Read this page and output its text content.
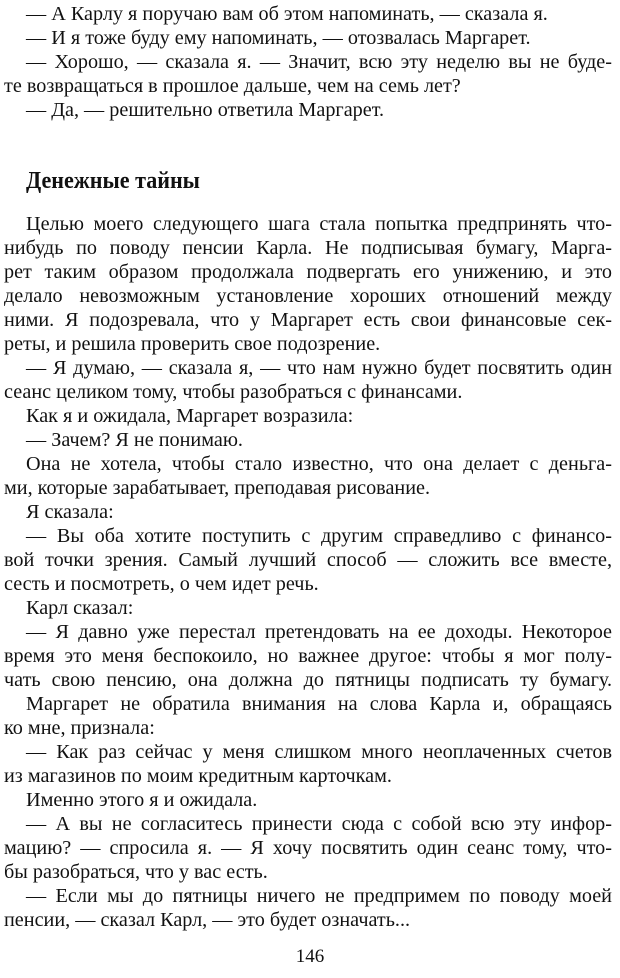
— А Карлу я поручаю вам об этом напоминать, — сказала я.
— И я тоже буду ему напоминать, — отозвалась Маргарет.
— Хорошо, — сказала я. — Значит, всю эту неделю вы не буде-
те возвращаться в прошлое дальше, чем на семь лет?
— Да, — решительно ответила Маргарет.
Денежные тайны
Целью моего следующего шага стала попытка предпринять что-
нибудь по поводу пенсии Карла. Не подписывая бумагу, Марга-
рет таким образом продолжала подвергать его унижению, и это
делало невозможным установление хороших отношений между
ними. Я подозревала, что у Маргарет есть свои финансовые сек-
реты, и решила проверить свое подозрение.
— Я думаю, — сказала я, — что нам нужно будет посвятить один
сеанс целиком тому, чтобы разобраться с финансами.
Как я и ожидала, Маргарет возразила:
— Зачем? Я не понимаю.
Она не хотела, чтобы стало известно, что она делает с деньга-
ми, которые зарабатывает, преподавая рисование.
Я сказала:
— Вы оба хотите поступить с другим справедливо с финансо-
вой точки зрения. Самый лучший способ — сложить все вместе,
сесть и посмотреть, о чем идет речь.
Карл сказал:
— Я давно уже перестал претендовать на ее доходы. Некоторое
время это меня беспокоило, но важнее другое: чтобы я мог полу-
чать свою пенсию, она должна до пятницы подписать ту бумагу.
Маргарет не обратила внимания на слова Карла и, обращаясь
ко мне, признала:
— Как раз сейчас у меня слишком много неоплаченных счетов
из магазинов по моим кредитным карточкам.
Именно этого я и ожидала.
— А вы не согласитесь принести сюда с собой всю эту инфор-
мацию? — спросила я. — Я хочу посвятить один сеанс тому, что-
бы разобраться, что у вас есть.
— Если мы до пятницы ничего не предпримем по поводу моей
пенсии, — сказал Карл, — это будет означать...
146
